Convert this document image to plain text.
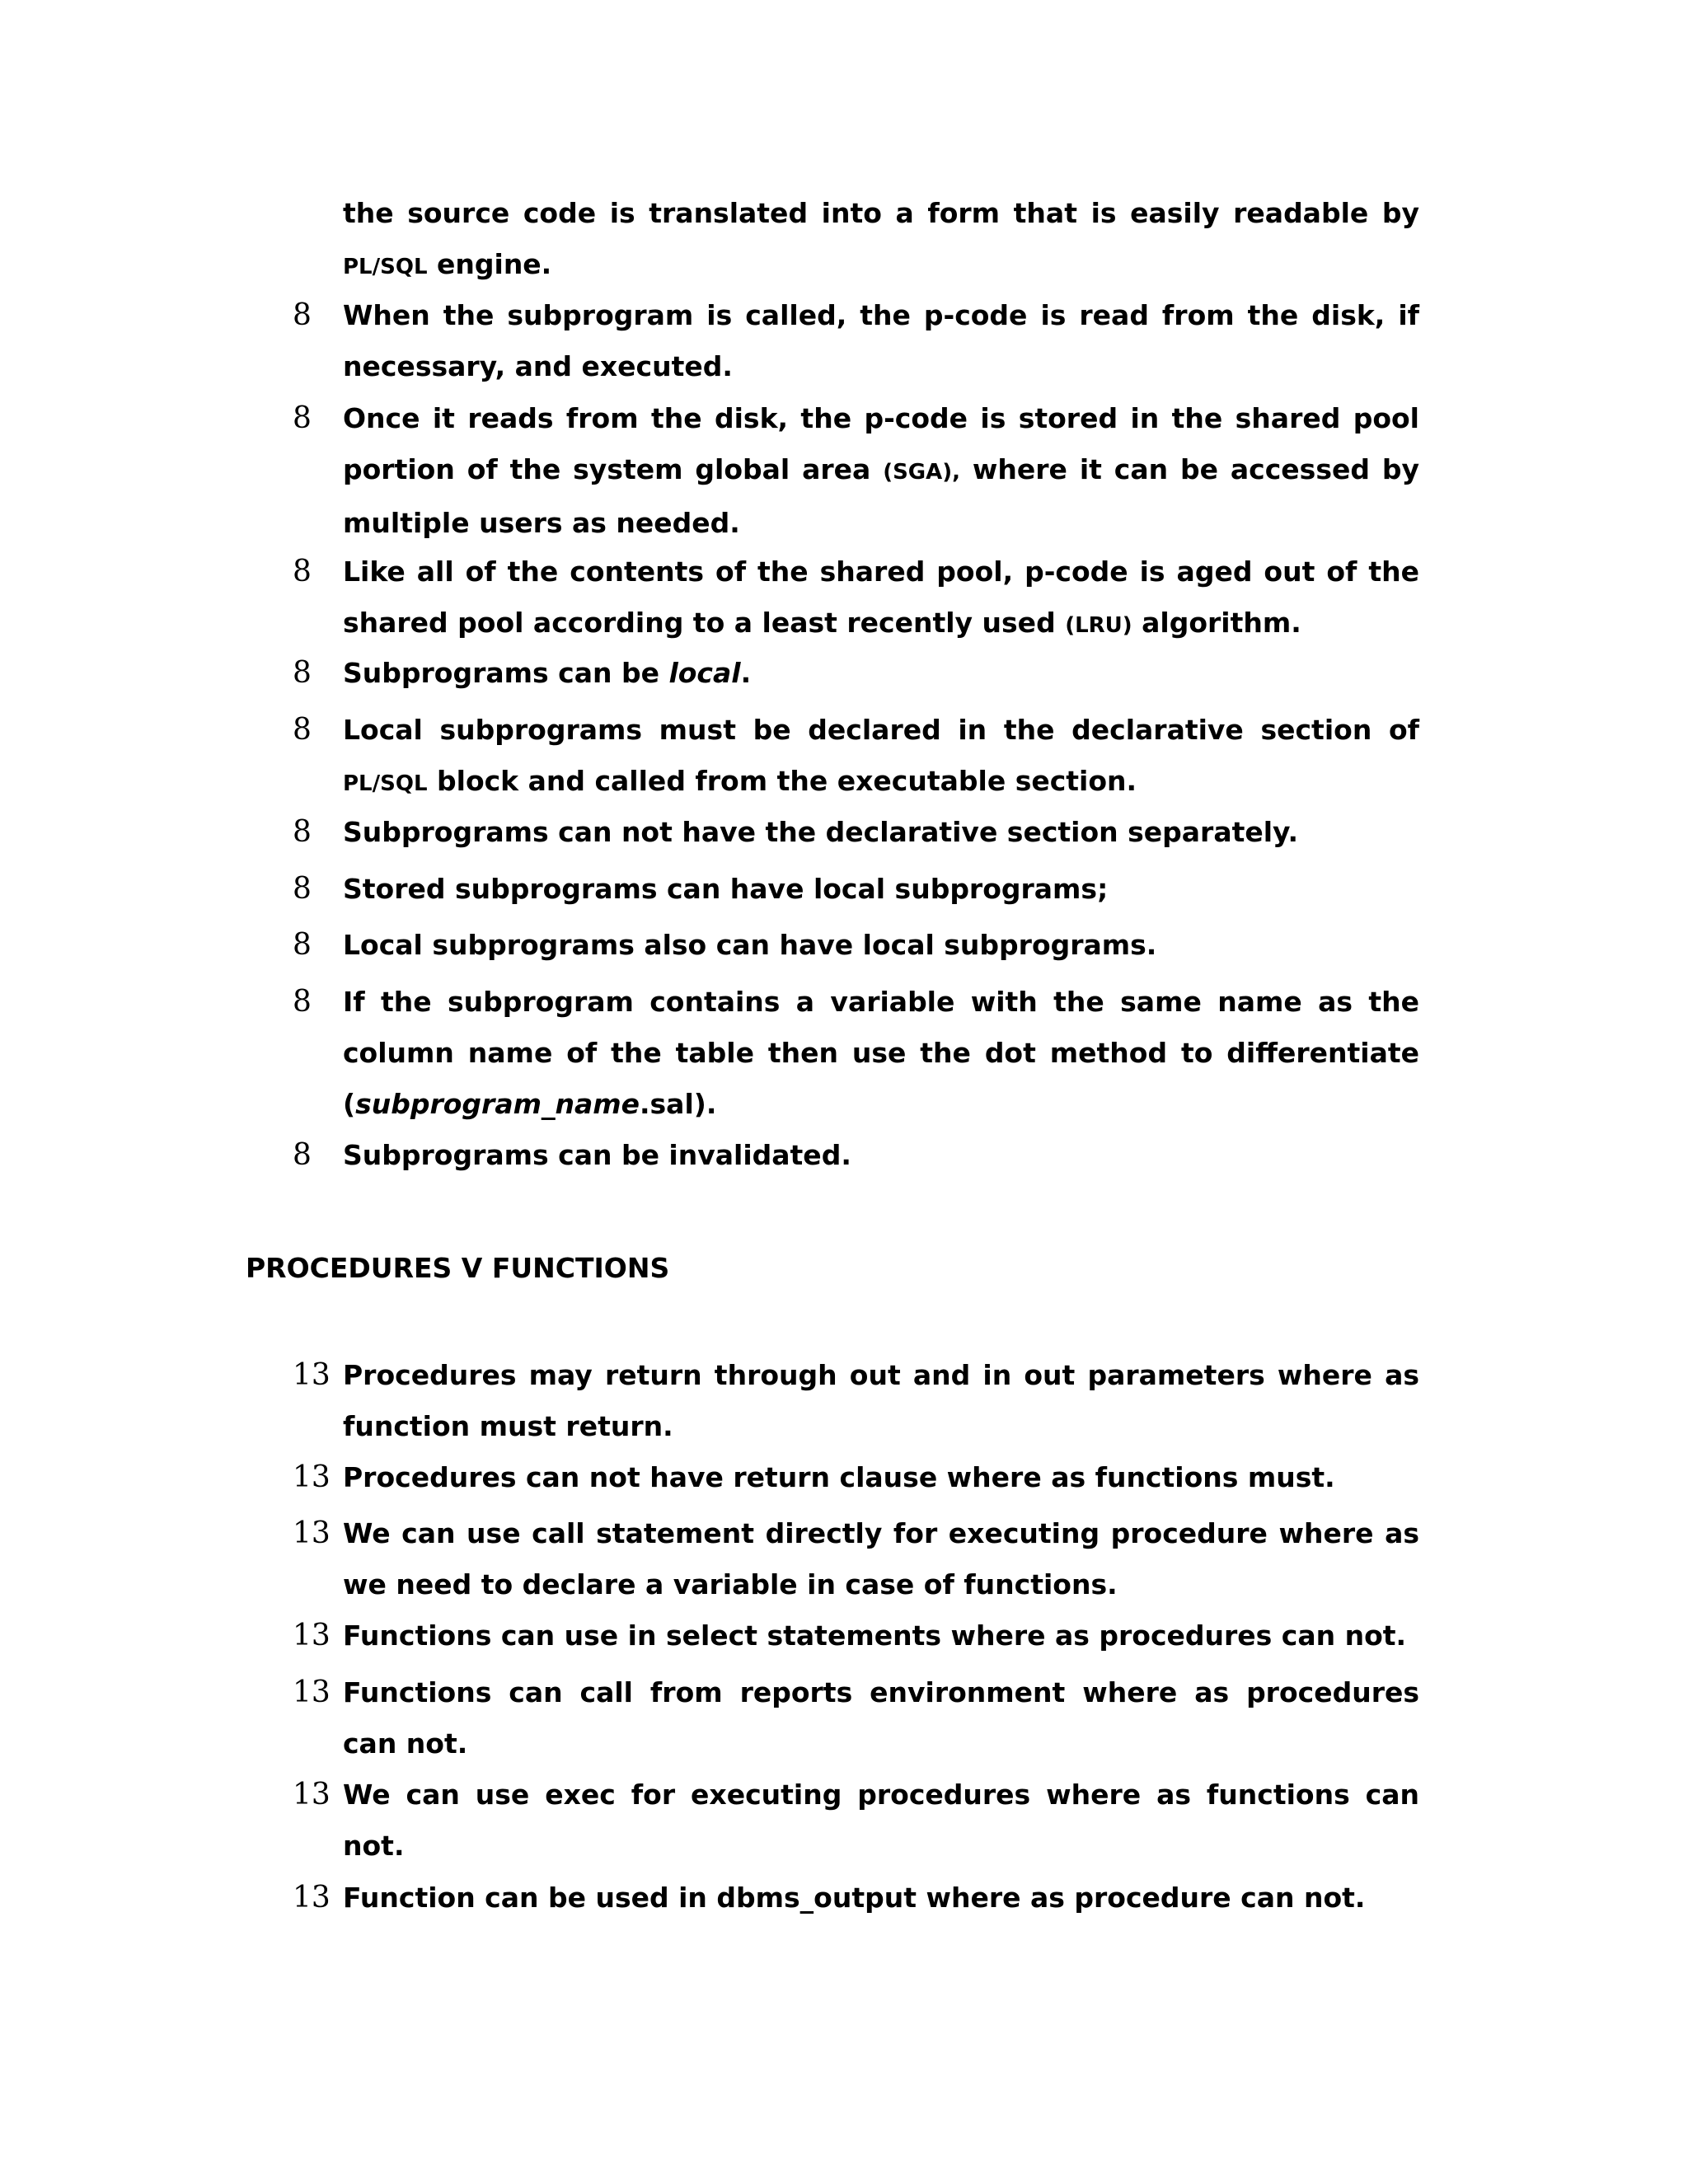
the source code is translated into a form that is easily readable by PL/SQL engine.

8	When the subprogram is called, the p-code is read from the disk, if necessary, and executed.

8	Once it reads from the disk, the p-code is stored in the shared pool portion of the system global area (SGA), where it can be accessed by multiple users as needed.

8	Like all of the contents of the shared pool, p-code is aged out of the shared pool according to a least recently used (LRU) algorithm.

8	Subprograms can be local.

8	Local subprograms must be declared in the declarative section of PL/SQL block and called from the executable section.

8	Subprograms can not have the declarative section separately.

8	Stored subprograms can have local subprograms;

8	Local subprograms also can have local subprograms.

8	If the subprogram contains a variable with the same name as the column name of the table then use the dot method to differentiate (subprogram_name.sal).

8	Subprograms can be invalidated.

PROCEDURES V FUNCTIONS
13 Procedures may return through out and in out parameters where as function must return.

13 Procedures can not have return clause where as functions must.

13 We can use call statement directly for executing procedure where as we need to declare a variable in case of functions.

13 Functions can use in select statements where as procedures can not.

13 Functions can call from reports environment where as procedures can not.

13 We can use exec for executing procedures where as functions can not.

13 Function can be used in dbms_output where as procedure can not.
